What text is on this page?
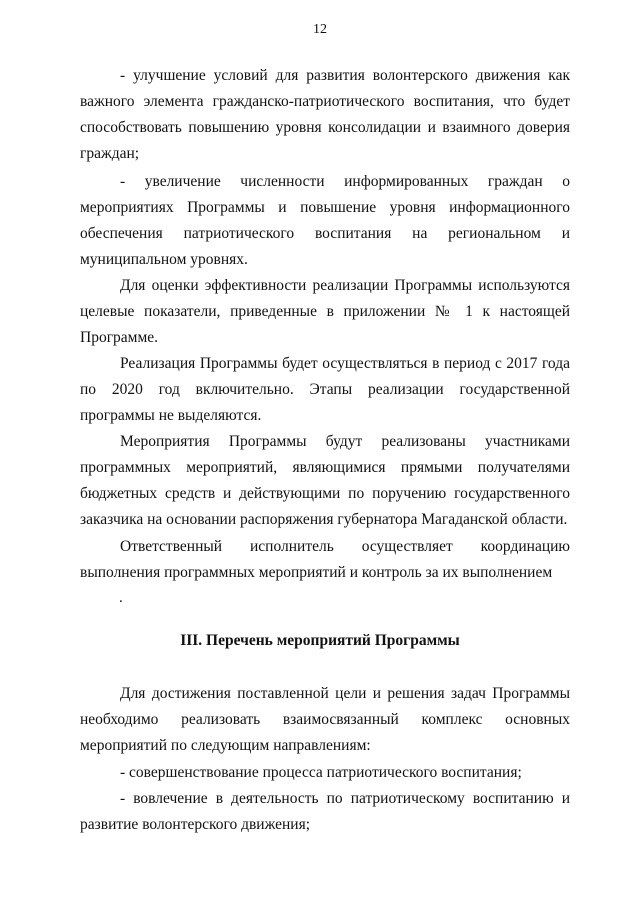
12

- улучшение условий для развития волонтерского движения как важного элемента гражданско-патриотического воспитания, что будет способствовать повышению уровня консолидации и взаимного доверия граждан;

- увеличение численности информированных граждан о мероприятиях Программы и повышение уровня информационного обеспечения патриотического воспитания на региональном и муниципальном уровнях.

Для оценки эффективности реализации Программы используются целевые показатели, приведенные в приложении № 1 к настоящей Программе.

Реализация Программы будет осуществляться в период с 2017 года по 2020 год включительно. Этапы реализации государственной программы не выделяются.

Мероприятия Программы будут реализованы участниками программных мероприятий, являющимися прямыми получателями бюджетных средств и действующими по поручению государственного заказчика на основании распоряжения губернатора Магаданской области.

Ответственный исполнитель осуществляет координацию выполнения программных мероприятий и контроль за их выполнением

.
III. Перечень мероприятий Программы

Для достижения поставленной цели и решения задач Программы необходимо реализовать взаимосвязанный комплекс основных мероприятий по следующим направлениям:

- совершенствование процесса патриотического воспитания;

- вовлечение в деятельность по патриотическому воспитанию и развитие волонтерского движения;
